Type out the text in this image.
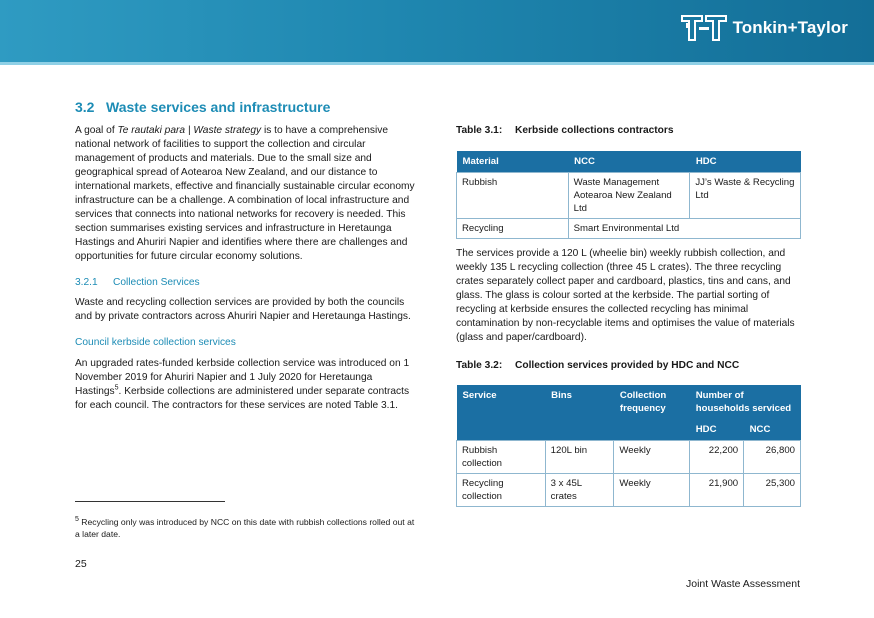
Tonkin+Taylor
3.2 Waste services and infrastructure

A goal of Te rautaki para | Waste strategy is to have a comprehensive national network of facilities to support the collection and circular management of products and materials. Due to the small size and geographical spread of Aotearoa New Zealand, and our distance to international markets, effective and financially sustainable circular economy infrastructure can be a challenge. A combination of local infrastructure and services that connects into national networks for recovery is needed. This section summarises existing services and infrastructure in Heretaunga Hastings and Ahuriri Napier and identifies where there are challenges and opportunities for future circular economy solutions.

3.2.1 Collection Services

Waste and recycling collection services are provided by both the councils and by private contractors across Ahuriri Napier and Heretaunga Hastings.

Council kerbside collection services

An upgraded rates-funded kerbside collection service was introduced on 1 November 2019 for Ahuriri Napier and 1 July 2020 for Heretaunga Hastings$^5$. Kerbside collections are administered under separate contracts for each council. The contractors for these services are noted Table 3.1.

Table 3.1: Kerbside collections contractors
Material	NCC	HDC
Rubbish	Waste Management Aotearoa New Zealand Ltd	JJ’s Waste & Recycling Ltd
Recycling	Smart Environmental Ltd	

The services provide a 120 L (wheelie bin) weekly rubbish collection, and weekly 135 L recycling collection (three 45 L crates). The three recycling crates separately collect paper and cardboard, plastics, tins and cans, and glass. The glass is colour sorted at the kerbside. The partial sorting of recycling at kerbside ensures the collected recycling has minimal contamination by non-recyclable items and optimises the value of materials (glass and paper/cardboard).

Table 3.2: Collection services provided by HDC and NCC
Service	Bins	Collection frequency	Number of households serviced	
			HDC	NCC
Rubbish collection	120L bin	Weekly	22,200	26,800
Recycling collection	3 x 45L crates	Weekly	21,900	25,300
$^5$ Recycling only was introduced by NCC on this date with rubbish collections rolled out at a later date.
25
Joint Waste Assessment
